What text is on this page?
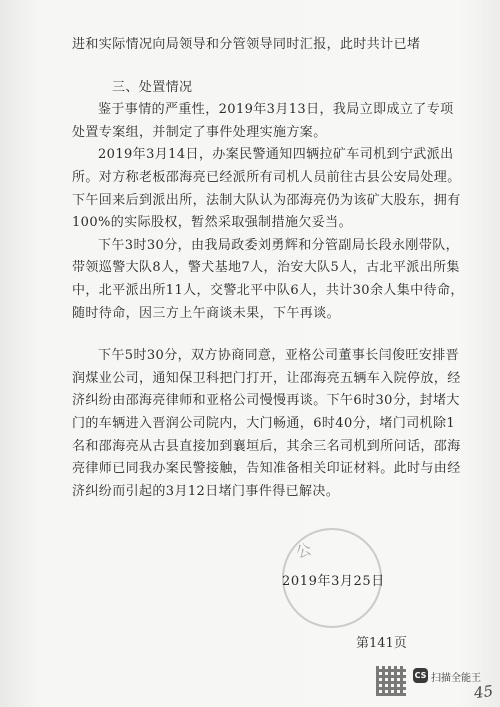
进和实际情况向局领导和分管领导同时汇报，此时共计已堵

三、处置情况

鉴于事情的严重性，2019年3月13日，我局立即成立了专项处置专案组，并制定了事件处理实施方案。

2019年3月14日，办案民警通知四辆拉矿车司机到宁武派出所。对方称老板邵海亮已经派所有司机人员前往古县公安局处理。下午回来后到派出所，法制大队认为邵海亮仍为该矿大股东，拥有100%的实际股权，暂然采取强制措施欠妥当。

下午3时30分，由我局政委刘勇辉和分管副局长段永刚带队，带领巡警大队8人，警犬基地7人，治安大队5人，古北平派出所集中，北平派出所11人，交警北平中队6人，共计30余人集中待命，随时待命，因三方上午商谈未果，下午再谈。

下午5时30分，双方协商同意，亚格公司董事长闫俊旺安排晋润煤业公司，通知保卫科把门打开，让邵海亮五辆车入院停放，经济纠纷由邵海亮律师和亚格公司慢慢再谈。下午6时30分，封堵大门的车辆进入晋润公司院内，大门畅通，6时40分，堵门司机除1名和邵海亮从古县直接加到襄垣后，其余三名司机到所问话，邵海亮律师已同我办案民警接触，告知准备相关印证材料。此时与由经济纠纷而引起的3月12日堵门事件得已解决。

公
2019年3月25日
第141页
CS 扫描全能王
45
